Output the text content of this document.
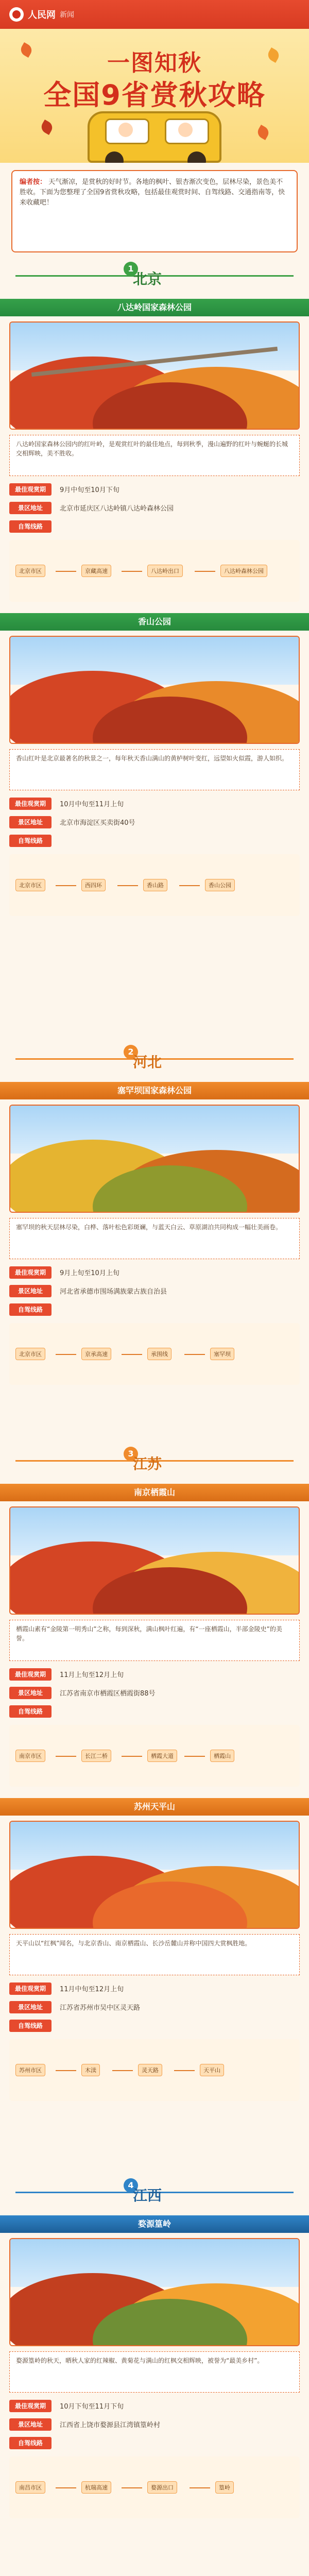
人民网 新闻
一图知秋
全国9省赏秋攻略
编者按： 天气渐凉，是赏秋的好时节。各地的枫叶、银杏渐次变色，层林尽染，景色美不胜收。下面为您整理了全国9省赏秋攻略，包括最佳观赏时间、自驾线路、交通指南等，快来收藏吧！
1
北京
八达岭国家森林公园
八达岭国家森林公园内的红叶岭，是观赏红叶的最佳地点，每到秋季，漫山遍野的红叶与蜿蜒的长城交相辉映，美不胜收。
最佳观赏期	9月中旬至10月下旬
景区地址	北京市延庆区八达岭镇八达岭森林公园
自驾线路
北京市区	京藏高速	八达岭出口	八达岭森林公园
香山公园
香山红叶是北京最著名的秋景之一，每年秋天香山满山的黄栌树叶变红，远望如火似霞，游人如织。
最佳观赏期	10月中旬至11月上旬
景区地址	北京市海淀区买卖街40号
自驾线路
北京市区	西四环	香山路	香山公园
2
河北
塞罕坝国家森林公园
塞罕坝的秋天层林尽染，白桦、落叶松色彩斑斓，与蓝天白云、草原湖泊共同构成一幅壮美画卷。
最佳观赏期	9月上旬至10月上旬
景区地址	河北省承德市围场满族蒙古族自治县
自驾线路
北京市区	京承高速	承围线	塞罕坝
3
江苏
南京栖霞山
栖霞山素有“金陵第一明秀山”之称，每到深秋，满山枫叶红遍，有“一座栖霞山，半部金陵史”的美誉。
最佳观赏期	11月上旬至12月上旬
景区地址	江苏省南京市栖霞区栖霞街88号
自驾线路
南京市区	长江二桥	栖霞大道	栖霞山
苏州天平山
天平山以“红枫”闻名，与北京香山、南京栖霞山、长沙岳麓山并称中国四大赏枫胜地。
最佳观赏期	11月中旬至12月上旬
景区地址	江苏省苏州市吴中区灵天路
自驾线路
苏州市区	木渎	灵天路	天平山
4
江西
婺源篁岭
婺源篁岭的秋天，晒秋人家的红辣椒、黄菊花与满山的红枫交相辉映，被誉为“最美乡村”。
最佳观赏期	10月下旬至11月下旬
景区地址	江西省上饶市婺源县江湾镇篁岭村
自驾线路
南昌市区	杭瑞高速	婺源出口	篁岭
